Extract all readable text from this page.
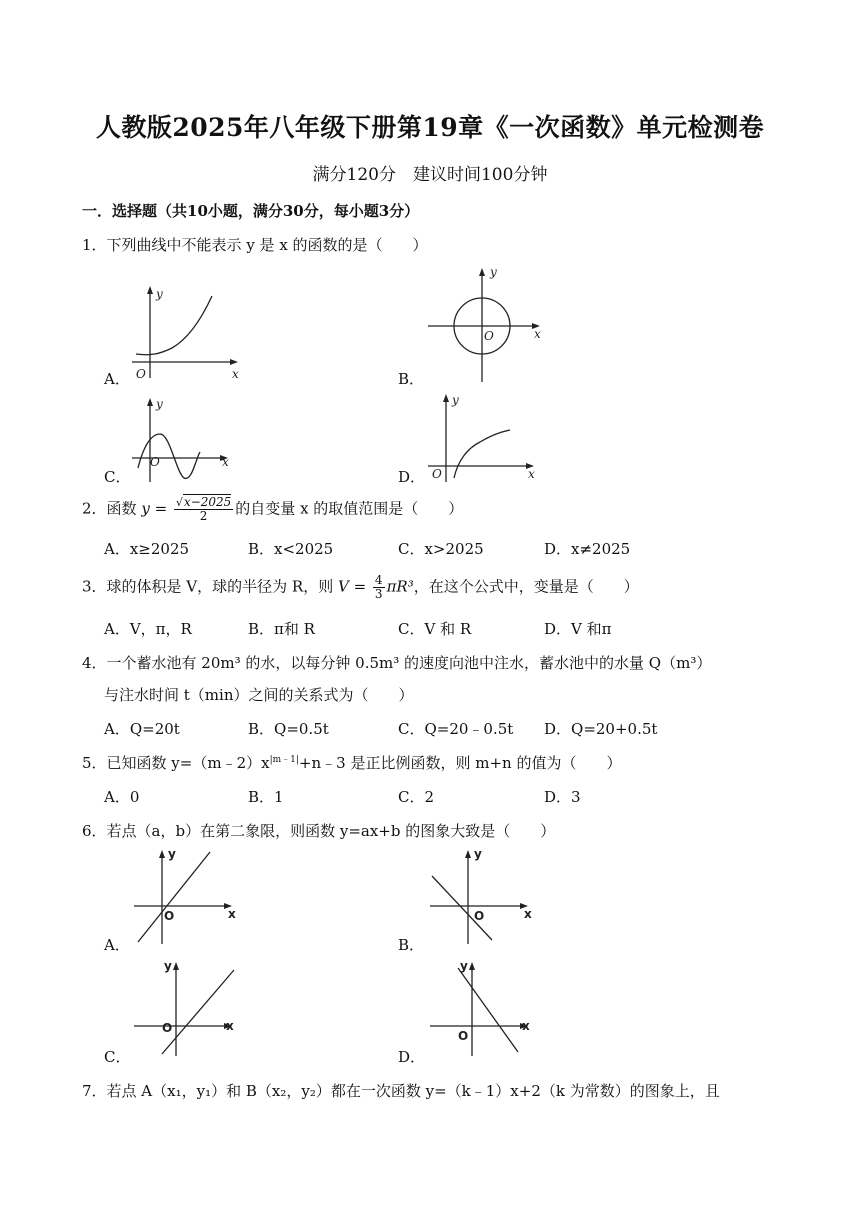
人教版2025年八年级下册第19章《一次函数》单元检测卷
满分120分　建议时间100分钟
一．选择题（共10小题，满分30分，每小题3分）
1．下列曲线中不能表示 y 是 x 的函数的是（　　）
A．
y
x
O	B．
y
x
O
C．
y
x
O
D．
y
x
O
2．函数 $y = \frac{√x-2025}{2}$ 的自变量 x 的取值范围是（　　）
A．x≥2025	B．x<2025	C．x>2025	D．x≠2025
3．球的体积是 V，球的半径为 R，则 $V = \frac{4}{3} \pi R^3$，在这个公式中，变量是（　　）
A．V，π，R	B．π和 R	C．V 和 R	D．V 和π
4．一个蓄水池有 20m³ 的水，以每分钟 0.5m³ 的速度向池中注水，蓄水池中的水量 Q（m³）
与注水时间 t（min）之间的关系式为（　　）
A．Q=20t	B．Q=0.5t	C．Q=20﹣0.5t D．Q=20+0.5t
5．已知函数 $y=(m﹣2)x^{|m﹣1|}+n﹣3$ 是正比例函数，则 m+n 的值为（　　）
A．0	B．1	C．2	D．3
6．若点（a，b）在第二象限，则函数 y=ax+b 的图象大致是（　　）
A．
y
x
O
B．
y
x
O
C．
y
x
O
D．
y
x
O
7．若点 A（x₁，y₁）和 B（x₂，y₂）都在一次函数 y=（k﹣1）x+2（k 为常数）的图象上，且
